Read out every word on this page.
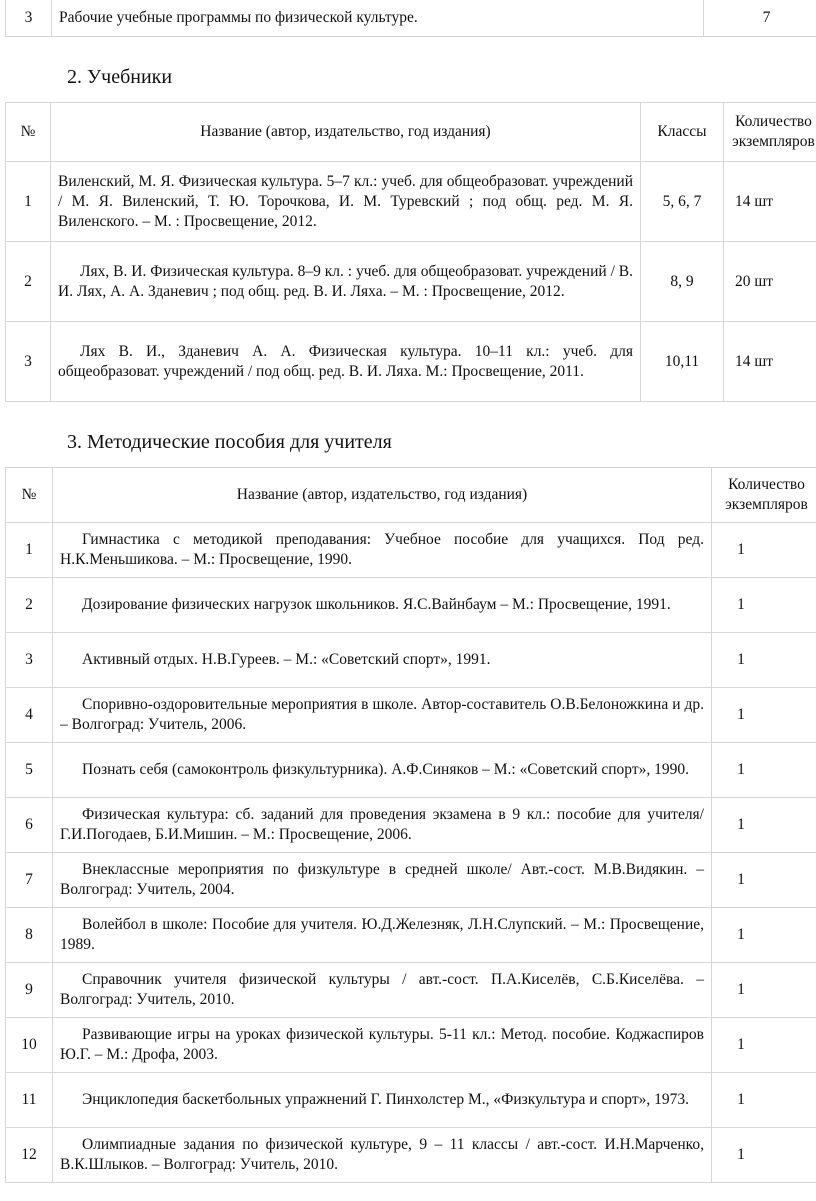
3	Рабочие учебные программы по физической культуре.	7
2. Учебники
№	Название (автор, издательство, год издания)	Классы	Количество экземпляров
1	Виленский, М. Я. Физическая культура. 5–7 кл.: учеб. для общеобразоват. учреждений / М. Я. Виленский, Т. Ю. Торочкова, И. М. Туревский ; под общ. ред. М. Я. Виленского. – М. : Просвещение, 2012.	5, 6, 7	14 шт
2	Лях, В. И. Физическая культура. 8–9 кл. : учеб. для общеобразоват. учреждений / В. И. Лях, А. А. Зданевич ; под общ. ред. В. И. Ляха. – М. : Просвещение, 2012.	8, 9	20 шт
3	Лях В. И., Зданевич А. А. Физическая культура. 10–11 кл.: учеб. для общеобразоват. учреждений / под общ. ред. В. И. Ляха. М.: Просвещение, 2011.	10,11	14 шт
3. Методические пособия для учителя
№	Название (автор, издательство, год издания)	Количество экземпляров
1	Гимнастика с методикой преподавания: Учебное пособие для учащихся. Под ред. Н.К.Меньшикова. – М.: Просвещение, 1990.	1
2	Дозирование физических нагрузок школьников. Я.С.Вайнбаум – М.: Просвещение, 1991.	1
3	Активный отдых. Н.В.Гуреев. – М.: «Советский спорт», 1991.	1
4	Споривно-оздоровительные мероприятия в школе. Автор-составитель О.В.Белоножкина и др. – Волгоград: Учитель, 2006.	1
5	Познать себя (самоконтроль физкультурника). А.Ф.Синяков – М.: «Советский спорт», 1990.	1
6	Физическая культура: сб. заданий для проведения экзамена в 9 кл.: пособие для учителя/ Г.И.Погодаев, Б.И.Мишин. – М.: Просвещение, 2006.	1
7	Внеклассные мероприятия по физкультуре в средней школе/ Авт.-сост. М.В.Видякин. – Волгоград: Учитель, 2004.	1
8	Волейбол в школе: Пособие для учителя. Ю.Д.Железняк, Л.Н.Слупский. – М.: Просвещение, 1989.	1
9	Справочник учителя физической культуры / авт.-сост. П.А.Киселёв, С.Б.Киселёва. – Волгоград: Учитель, 2010.	1
10	Развивающие игры на уроках физической культуры. 5-11 кл.: Метод. пособие. Коджаспиров Ю.Г. – М.: Дрофа, 2003.	1
11	Энциклопедия баскетбольных упражнений Г. Пинхолстер М., «Физкультура и спорт», 1973.	1
12	Олимпиадные задания по физической культуре, 9 – 11 классы / авт.-сост. И.Н.Марченко, В.К.Шлыков. – Волгоград: Учитель, 2010.	1
